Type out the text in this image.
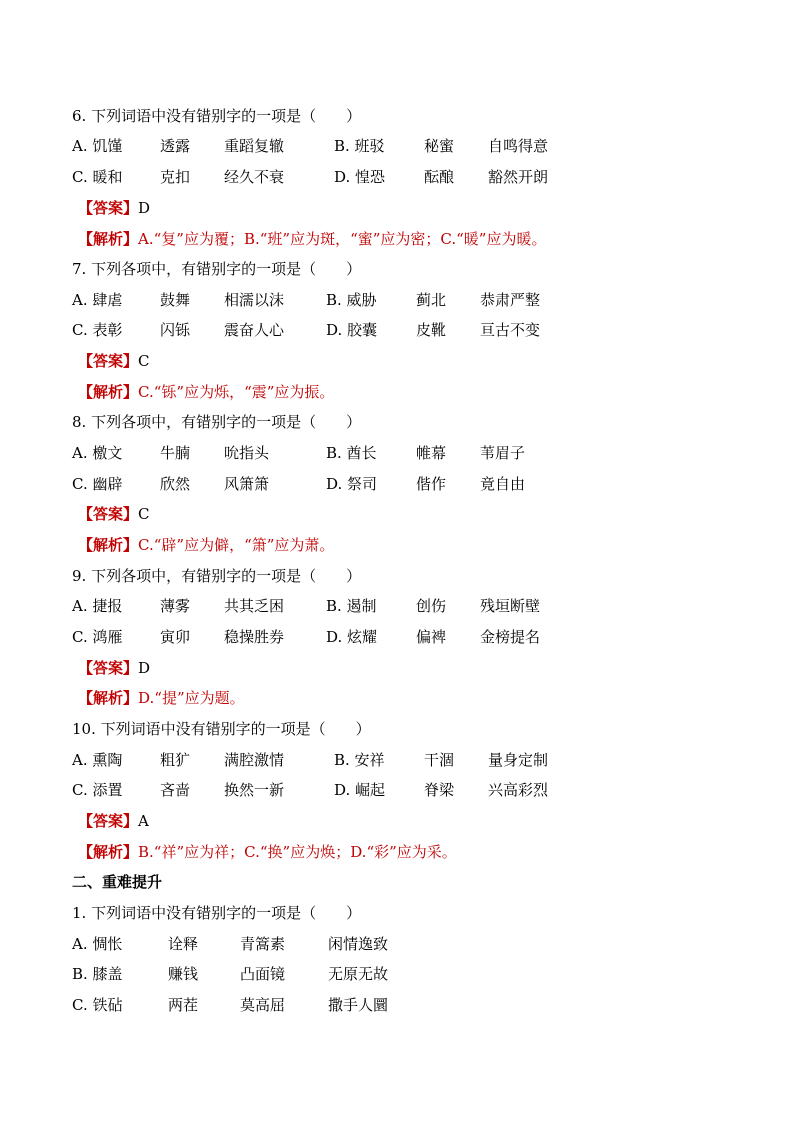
6. 下列词语中没有错别字的一项是（　　）
A. 饥馑	透露 重蹈复辙	B. 班驳	秘蜜 自鸣得意
C. 暖和	克扣 经久不衰	D. 惶恐	酝酿 豁然开朗
【答案】D
【解析】A.“复”应为覆；B.“班”应为斑，“蜜”应为密；C.“暖”应为暖。
7. 下列各项中，有错别字的一项是（　　）
A. 肆虐	鼓舞 相濡以沫	B. 威胁	蓟北 恭肃严整
C. 表彰	闪铄 震奋人心	D. 胶囊	皮靴 亘古不变
【答案】C
【解析】C.“铄”应为烁，“震”应为振。
8. 下列各项中，有错别字的一项是（　　）
A. 檄文	牛腩 吮指头	B. 酋长	帷幕 苇眉子
C. 幽辟	欣然 风箫箫	D. 祭司	偕作 竟自由
【答案】C
【解析】C.“辟”应为僻，“箫”应为萧。
9. 下列各项中，有错别字的一项是（　　）
A. 捷报	薄雾 共其乏困	B. 遏制	创伤 残垣断壁
C. 鸿雁	寅卯 稳操胜券	D. 炫耀	偏裨 金榜提名
【答案】D
【解析】D.“提”应为题。
10. 下列词语中没有错别字的一项是（　　）
A. 熏陶	粗犷 满腔激情	B. 安祥	干涸 量身定制
C. 添置	吝啬 换然一新	D. 崛起	脊梁 兴高彩烈
【答案】A
【解析】B.“祥”应为祥；C.“换”应为焕；D.“彩”应为采。
二、重难提升
1. 下列词语中没有错别字的一项是（　　）
A. 惆怅	诠释	青篙素	闲情逸致
B. 膝盖	赚钱	凸面镜	无原无故
C. 铁砧	两茬	莫高屈	撒手人圜
